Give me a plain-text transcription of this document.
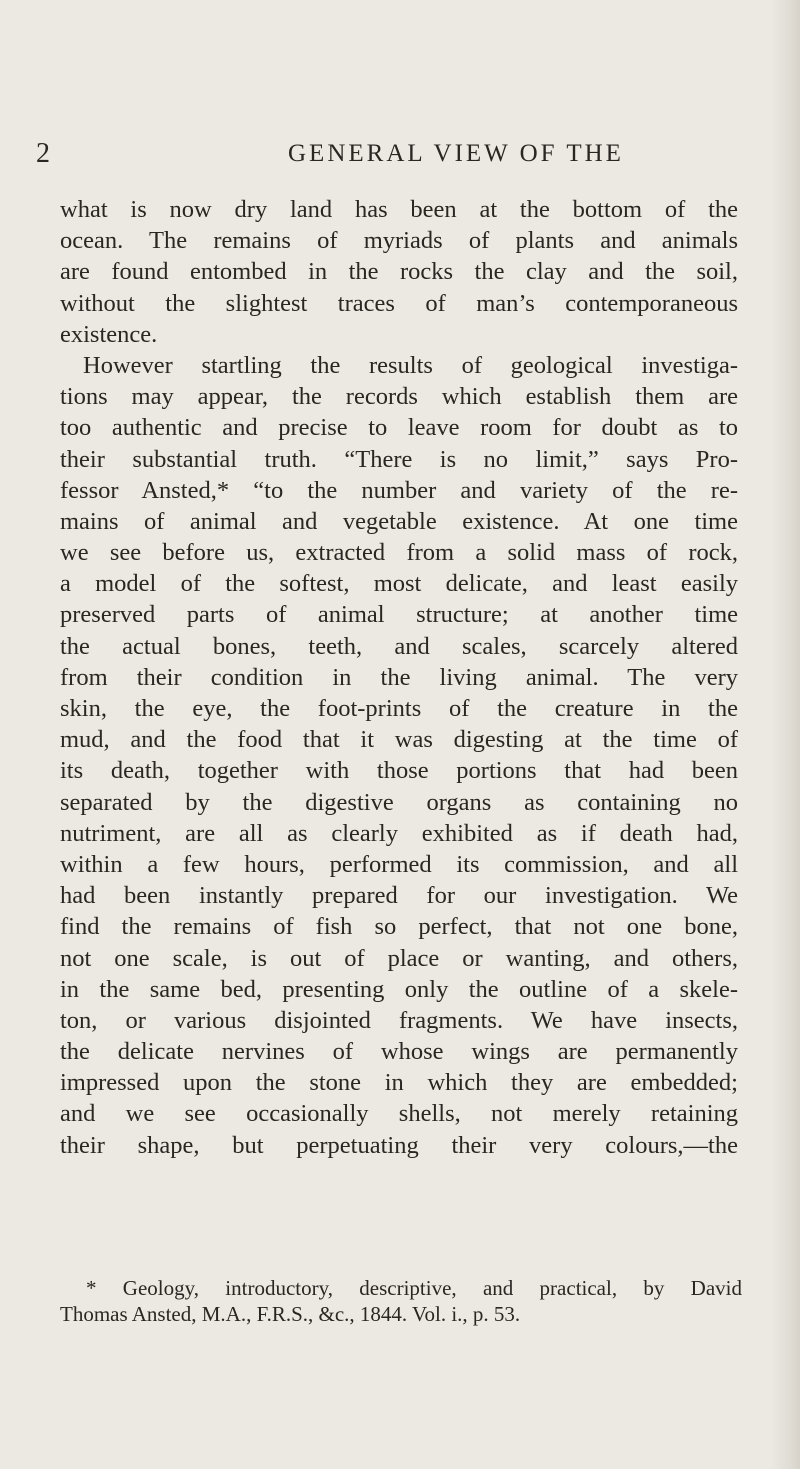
2	GENERAL VIEW OF THE
what is now dry land has been at the bottom of the
ocean. The remains of myriads of plants and animals
are found entombed in the rocks the clay and the soil,
without the slightest traces of man’s contemporaneous
existence.
However startling the results of geological investiga-
tions may appear, the records which establish them are
too authentic and precise to leave room for doubt as to
their substantial truth. “There is no limit,” says Pro-
fessor Ansted,* “to the number and variety of the re-
mains of animal and vegetable existence. At one time
we see before us, extracted from a solid mass of rock,
a model of the softest, most delicate, and least easily
preserved parts of animal structure; at another time
the actual bones, teeth, and scales, scarcely altered
from their condition in the living animal. The very
skin, the eye, the foot-prints of the creature in the
mud, and the food that it was digesting at the time of
its death, together with those portions that had been
separated by the digestive organs as containing no
nutriment, are all as clearly exhibited as if death had,
within a few hours, performed its commission, and all
had been instantly prepared for our investigation. We
find the remains of fish so perfect, that not one bone,
not one scale, is out of place or wanting, and others,
in the same bed, presenting only the outline of a skele-
ton, or various disjointed fragments. We have insects,
the delicate nervines of whose wings are permanently
impressed upon the stone in which they are embedded;
and we see occasionally shells, not merely retaining
their shape, but perpetuating their very colours,—the
* Geology, introductory, descriptive, and practical, by David
Thomas Ansted, M.A., F.R.S., &c., 1844. Vol. i., p. 53.
